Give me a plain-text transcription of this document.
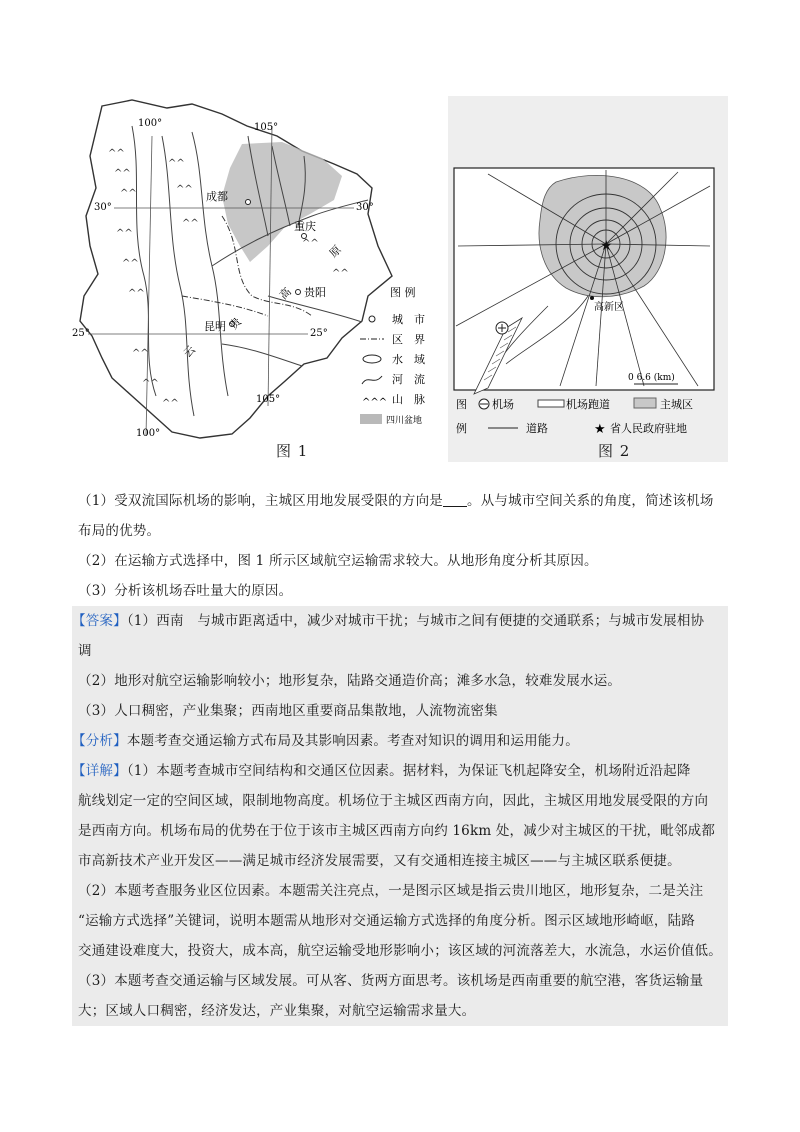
^^
^^
^^
^^
^^
^^
^^
^^
^^
^^
^^
^^
^^
^^
100°	105°
105°
100°
30°	30°
25°	25°
成都
重庆
贵阳
昆明
云
贵
高
原
图 例
城　市
区　界
水　域
河　流
^^^ 山　脉
四川盆地
图 1
★
高新区
0 6.6 (km)
图
例
机场	机场跑道	主城区
道路	★ 省人民政府驻地
图 2
（1）受双流国际机场的影响，主城区用地发展受限的方向是 。从与城市空间关系的角度，简述该机场
布局的优势。
（2）在运输方式选择中，图 1 所示区域航空运输需求较大。从地形角度分析其原因。
（3）分析该机场吞吐量大的原因。
【答案】（1）西南　与城市距离适中，减少对城市干扰；与城市之间有便捷的交通联系；与城市发展相协
调
（2）地形对航空运输影响较小；地形复杂，陆路交通造价高；滩多水急，较难发展水运。
（3）人口稠密，产业集聚；西南地区重要商品集散地，人流物流密集
【分析】本题考查交通运输方式布局及其影响因素。考查对知识的调用和运用能力。
【详解】（1）本题考查城市空间结构和交通区位因素。据材料，为保证飞机起降安全，机场附近沿起降
航线划定一定的空间区域，限制地物高度。机场位于主城区西南方向，因此，主城区用地发展受限的方向
是西南方向。机场布局的优势在于位于该市主城区西南方向约 16km 处，减少对主城区的干扰，毗邻成都
市高新技术产业开发区——满足城市经济发展需要，又有交通相连接主城区——与主城区联系便捷。
（2）本题考查服务业区位因素。本题需关注亮点，一是图示区域是指云贵川地区，地形复杂，二是关注
“运输方式选择”关键词，说明本题需从地形对交通运输方式选择的角度分析。图示区域地形崎岖，陆路
交通建设难度大，投资大，成本高，航空运输受地形影响小；该区域的河流落差大，水流急，水运价值低。
（3）本题考查交通运输与区域发展。可从客、货两方面思考。该机场是西南重要的航空港，客货运输量
大；区域人口稠密，经济发达，产业集聚，对航空运输需求量大。
